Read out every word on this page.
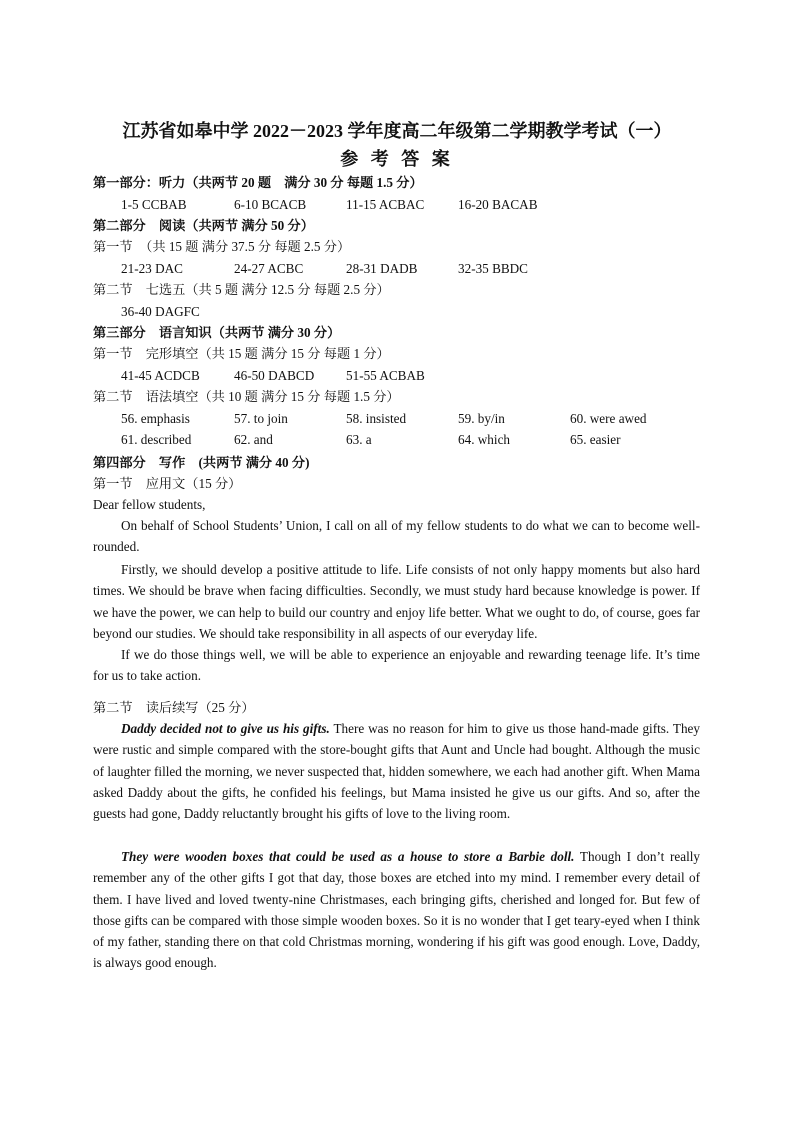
江苏省如皋中学 2022－2023 学年度高二年级第二学期教学考试（一）
参 考 答 案
第一部分：听力（共两节 20 题　满分 30 分 每题 1.5 分）
1-5 CCBAB	6-10 BCACB	11-15 ACBAC	16-20 BACAB
第二部分　阅读（共两节 满分 50 分）
第一节　（共 15 题 满分 37.5 分 每题 2.5 分）
21-23 DAC	24-27 ACBC	28-31 DADB	32-35 BBDC
第二节　七选五（共 5 题 满分 12.5 分 每题 2.5 分）
36-40 DAGFC
第三部分　语言知识（共两节 满分 30 分）
第一节　完形填空（共 15 题 满分 15 分 每题 1 分）
41-45 ACDCB	46-50 DABCD 51-55 ACBAB
第二节　语法填空（共 10 题 满分 15 分 每题 1.5 分）
56. emphasis	57. to join	58. insisted	59. by/in	60. were awed
61. described	62. and	63. a	64. which	65. easier
第四部分　写作　(共两节 满分 40 分)
第一节　应用文（15 分）
Dear fellow students,

On behalf of School Students’ Union, I call on all of my fellow students to do what we can to become well-rounded.

Firstly, we should develop a positive attitude to life. Life consists of not only happy moments but also hard times. We should be brave when facing difficulties. Secondly, we must study hard because knowledge is power. If we have the power, we can help to build our country and enjoy life better. What we ought to do, of course, goes far beyond our studies. We should take responsibility in all aspects of our everyday life.

If we do those things well, we will be able to experience an enjoyable and rewarding teenage life. It’s time for us to take action.

第二节　读后续写（25 分）

Daddy decided not to give us his gifts. There was no reason for him to give us those hand-made gifts. They were rustic and simple compared with the store-bought gifts that Aunt and Uncle had bought. Although the music of laughter filled the morning, we never suspected that, hidden somewhere, we each had another gift. When Mama asked Daddy about the gifts, he confided his feelings, but Mama insisted he give us our gifts. And so, after the guests had gone, Daddy reluctantly brought his gifts of love to the living room.

They were wooden boxes that could be used as a house to store a Barbie doll. Though I don’t really remember any of the other gifts I got that day, those boxes are etched into my mind. I remember every detail of them. I have lived and loved twenty-nine Christmases, each bringing gifts, cherished and longed for. But few of those gifts can be compared with those simple wooden boxes. So it is no wonder that I get teary-eyed when I think of my father, standing there on that cold Christmas morning, wondering if his gift was good enough. Love, Daddy, is always good enough.
